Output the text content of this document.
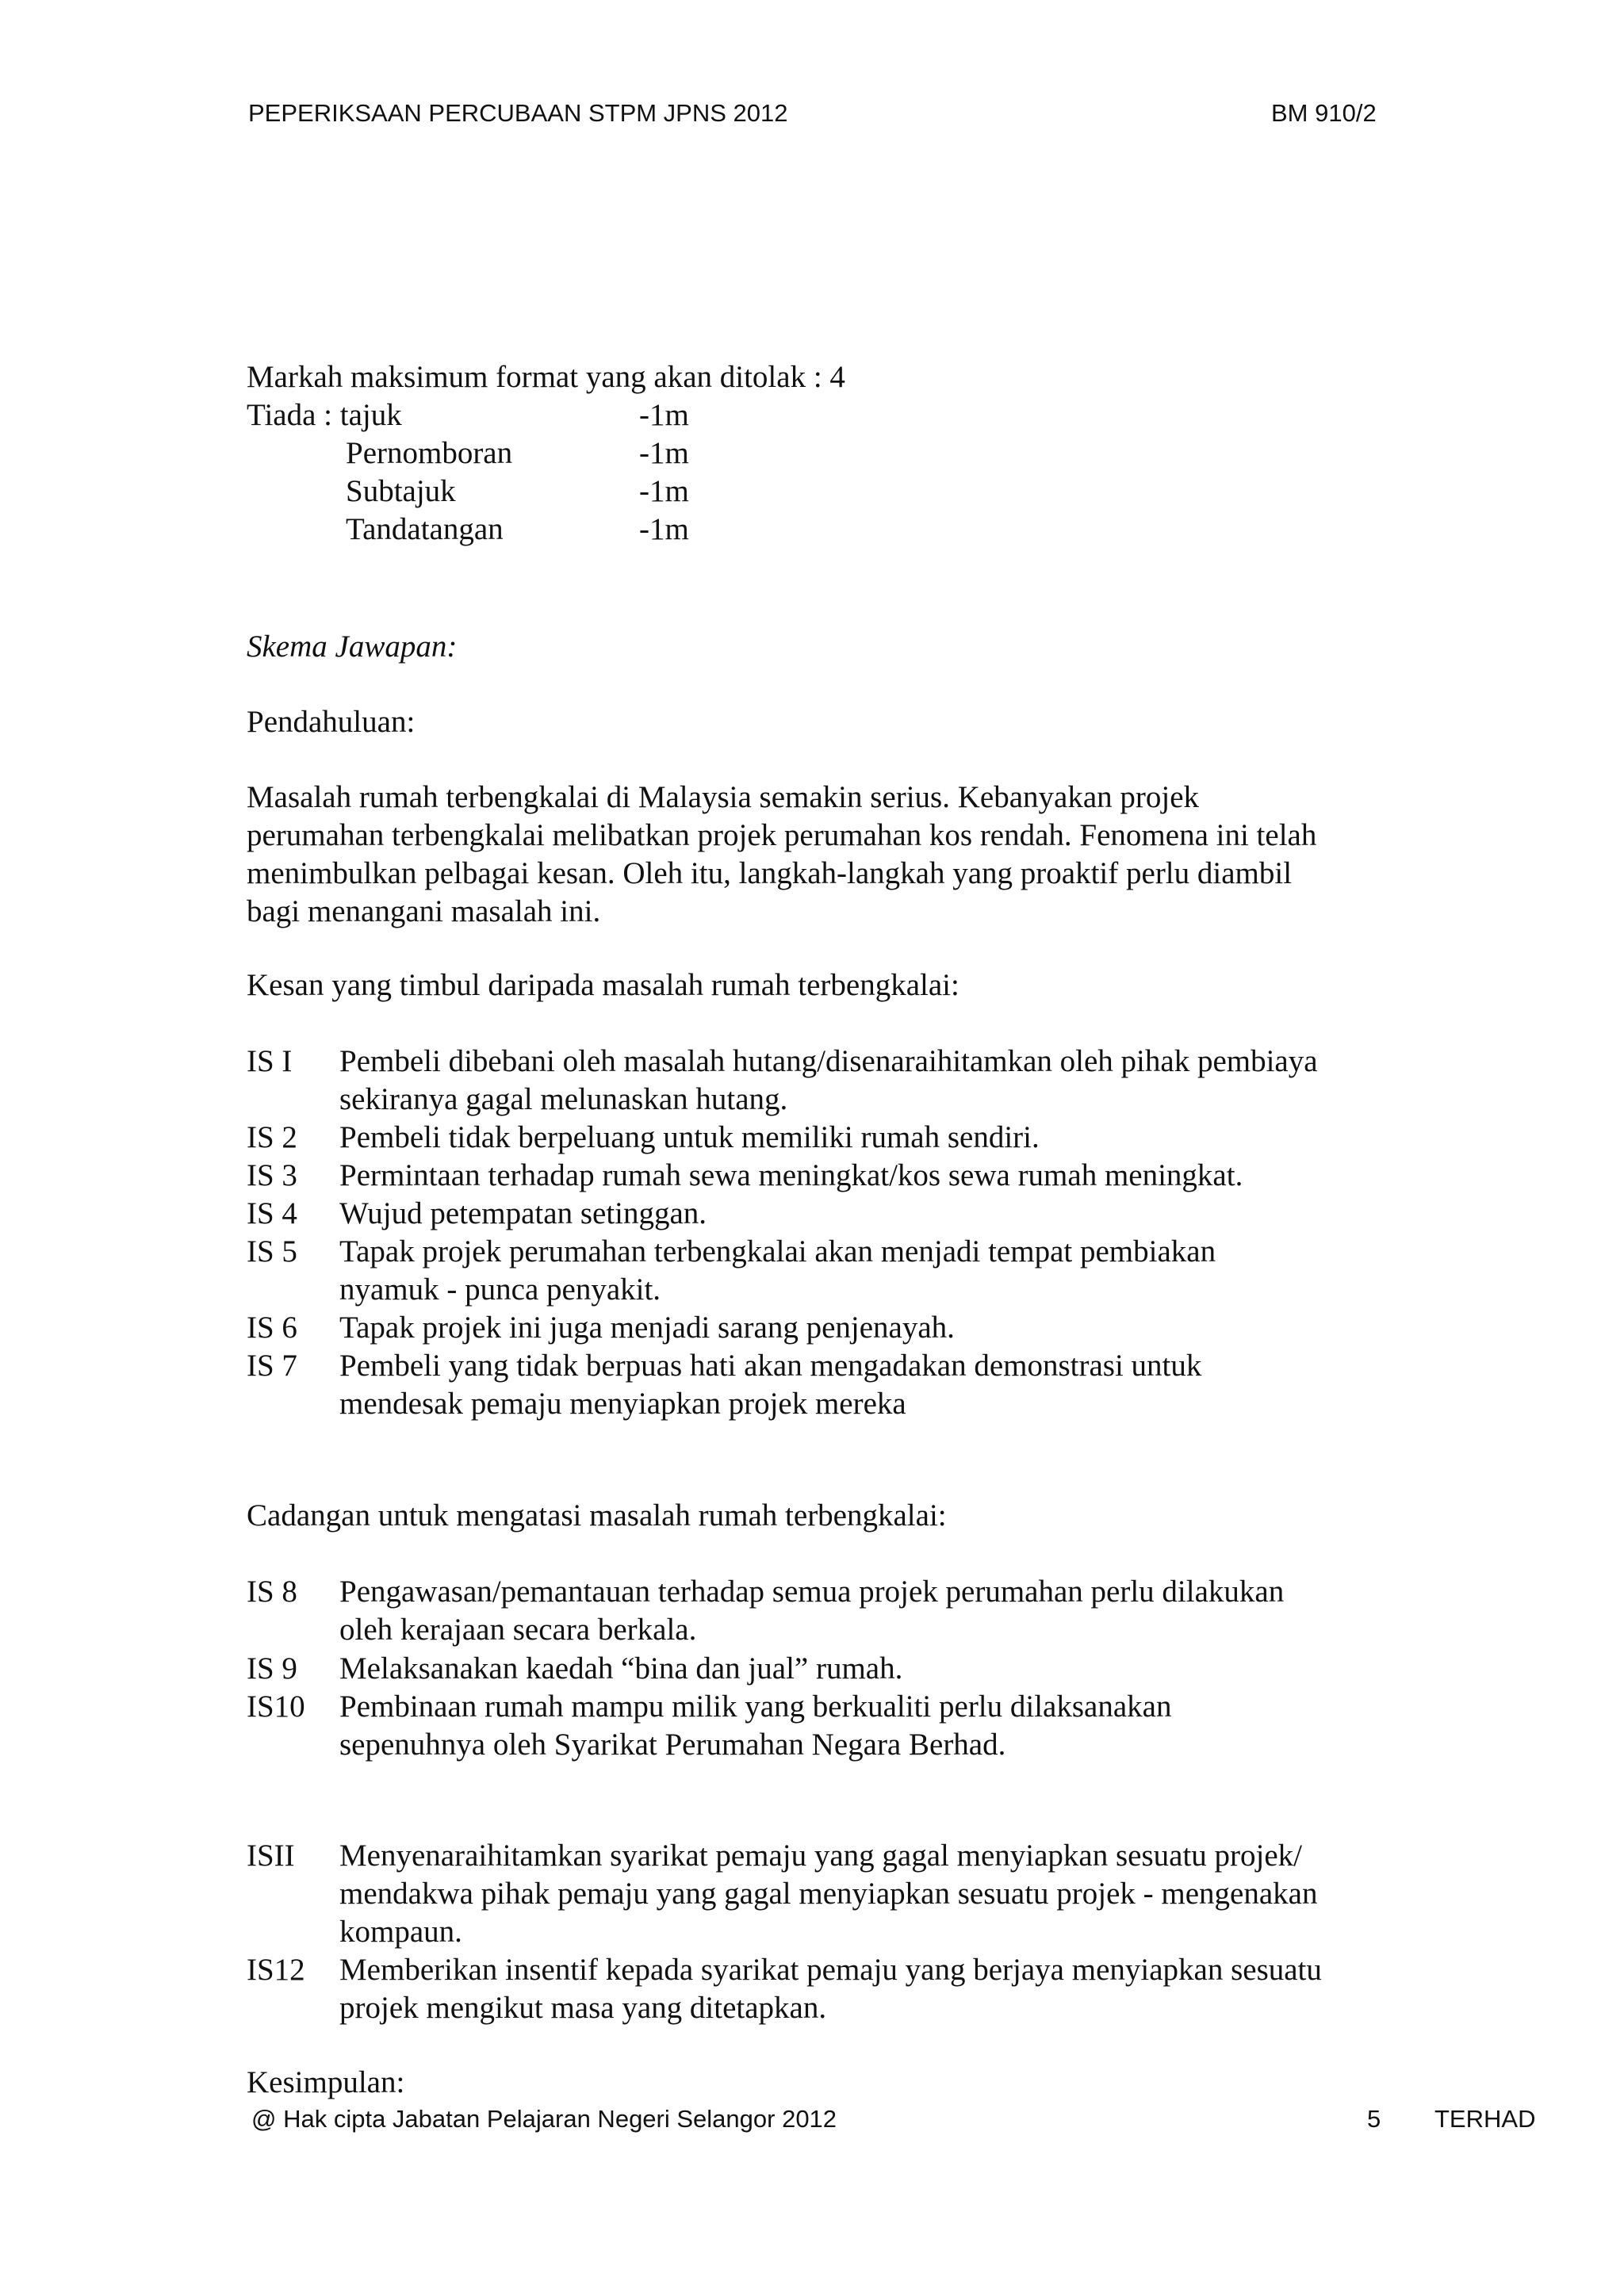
PEPERIKSAAN PERCUBAAN STPM JPNS 2012	BM 910/2
Markah maksimum format yang akan ditolak : 4
Tiada : tajuk	-1m
Pernomboran	-1m
Subtajuk	-1m
Tandatangan	-1m
Skema Jawapan:
Pendahuluan:
Masalah rumah terbengkalai di Malaysia semakin serius. Kebanyakan projek
perumahan terbengkalai melibatkan projek perumahan kos rendah. Fenomena ini telah
menimbulkan pelbagai kesan. Oleh itu, langkah-langkah yang proaktif perlu diambil
bagi menangani masalah ini.
Kesan yang timbul daripada masalah rumah terbengkalai:
IS I Pembeli dibebani oleh masalah hutang/disenaraihitamkan oleh pihak pembiaya
sekiranya gagal melunaskan hutang.
IS 2 Pembeli tidak berpeluang untuk memiliki rumah sendiri.
IS 3 Permintaan terhadap rumah sewa meningkat/kos sewa rumah meningkat.
IS 4 Wujud petempatan setinggan.
IS 5 Tapak projek perumahan terbengkalai akan menjadi tempat pembiakan
nyamuk - punca penyakit.
IS 6 Tapak projek ini juga menjadi sarang penjenayah.
IS 7 Pembeli yang tidak berpuas hati akan mengadakan demonstrasi untuk
mendesak pemaju menyiapkan projek mereka
Cadangan untuk mengatasi masalah rumah terbengkalai:
IS 8 Pengawasan/pemantauan terhadap semua projek perumahan perlu dilakukan
oleh kerajaan secara berkala.
IS 9 Melaksanakan kaedah “bina dan jual” rumah.
IS10 Pembinaan rumah mampu milik yang berkualiti perlu dilaksanakan
sepenuhnya oleh Syarikat Perumahan Negara Berhad.
ISII Menyenaraihitamkan syarikat pemaju yang gagal menyiapkan sesuatu projek/
mendakwa pihak pemaju yang gagal menyiapkan sesuatu projek - mengenakan
kompaun.
IS12 Memberikan insentif kepada syarikat pemaju yang berjaya menyiapkan sesuatu
projek mengikut masa yang ditetapkan.
Kesimpulan:
@ Hak cipta Jabatan Pelajaran Negeri Selangor 2012	5 TERHAD
